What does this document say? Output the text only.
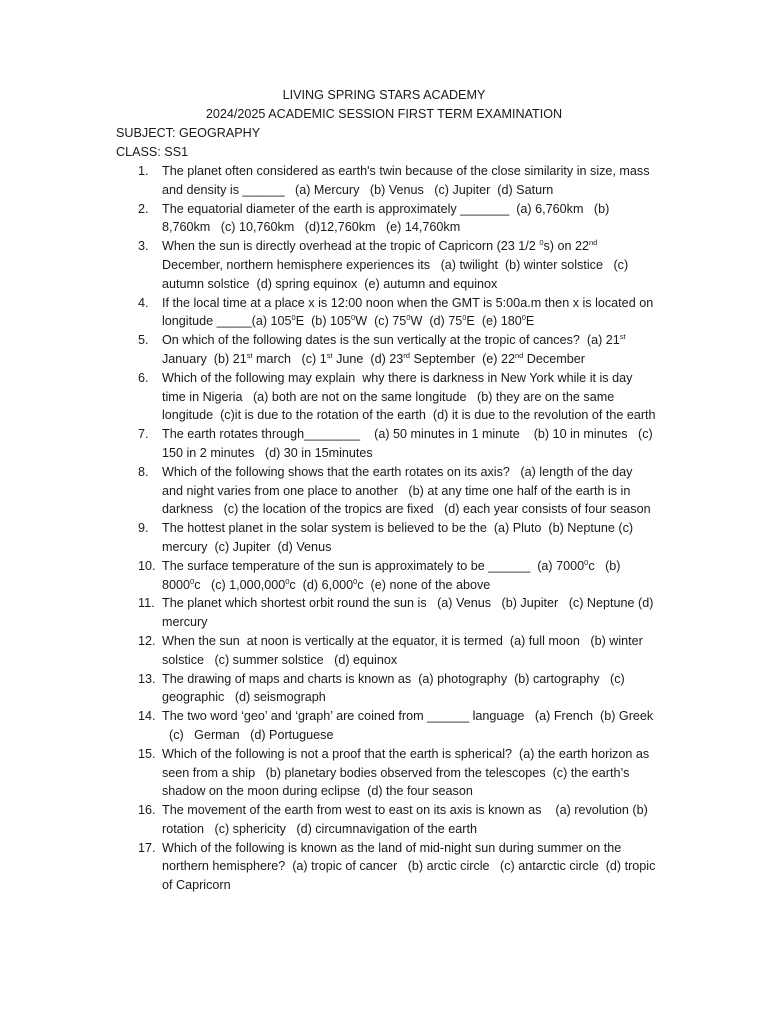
LIVING SPRING STARS ACADEMY
2024/2025 ACADEMIC SESSION FIRST TERM EXAMINATION
SUBJECT: GEOGRAPHY
CLASS: SS1
1.	The planet often considered as earth's twin because of the close similarity in size, mass and density is ______   (a) Mercury   (b) Venus   (c) Jupiter  (d) Saturn
2.	The equatorial diameter of the earth is approximately _______  (a) 6,760km   (b) 8,760km   (c) 10,760km   (d)12,760km   (e) 14,760km
3.	When the sun is directly overhead at the tropic of Capricorn (23 1/2 $^0$s) on 22nd December, northern hemisphere experiences its   (a) twilight  (b) winter solstice   (c) autumn solstice  (d) spring equinox  (e) autumn and equinox
4.	If the local time at a place x is 12:00 noon when the GMT is 5:00a.m then x is located on longitude _____(a) $105^0E$  (b) $105^0W$  (c) $75^0W$  (d) $75^0E$  (e) $180^0E$
5.	On which of the following dates is the sun vertically at the tropic of cances?  (a) 21st January  (b) 21st march   (c) 1st June  (d) 23rd September  (e) 22nd December
6.	Which of the following may explain  why there is darkness in New York while it is day time in Nigeria   (a) both are not on the same longitude   (b) they are on the same longitude  (c)it is due to the rotation of the earth  (d) it is due to the revolution of the earth
7.	The earth rotates through________    (a) 50 minutes in 1 minute    (b) 10 in minutes   (c) 150 in 2 minutes   (d) 30 in 15minutes
8.	Which of the following shows that the earth rotates on its axis?   (a) length of the day and night varies from one place to another   (b) at any time one half of the earth is in darkness   (c) the location of the tropics are fixed   (d) each year consists of four season
9.	The hottest planet in the solar system is believed to be the  (a) Pluto  (b) Neptune (c) mercury  (c) Jupiter  (d) Venus
10. The surface temperature of the sun is approximately to be ______  (a) 7000$^0$c   (b) 8000$^0$c   (c) 1,000,000$^0$c  (d) 6,000$^0$c  (e) none of the above
11. The planet which shortest orbit round the sun is   (a) Venus   (b) Jupiter   (c) Neptune (d) mercury
12. When the sun  at noon is vertically at the equator, it is termed  (a) full moon   (b) winter solstice   (c) summer solstice   (d) equinox
13. The drawing of maps and charts is known as  (a) photography  (b) cartography   (c) geographic   (d) seismograph
14. The two word ‘geo’ and ‘graph’ are coined from ______ language   (a) French  (b) Greek   (c)   German   (d) Portuguese
15. Which of the following is not a proof that the earth is spherical?  (a) the earth horizon as seen from a ship   (b) planetary bodies observed from the telescopes  (c) the earth’s shadow on the moon during eclipse  (d) the four season
16. The movement of the earth from west to east on its axis is known as    (a) revolution (b) rotation   (c) sphericity   (d) circumnavigation of the earth
17. Which of the following is known as the land of mid-night sun during summer on the northern hemisphere?  (a) tropic of cancer   (b) arctic circle   (c) antarctic circle  (d) tropic of Capricorn
